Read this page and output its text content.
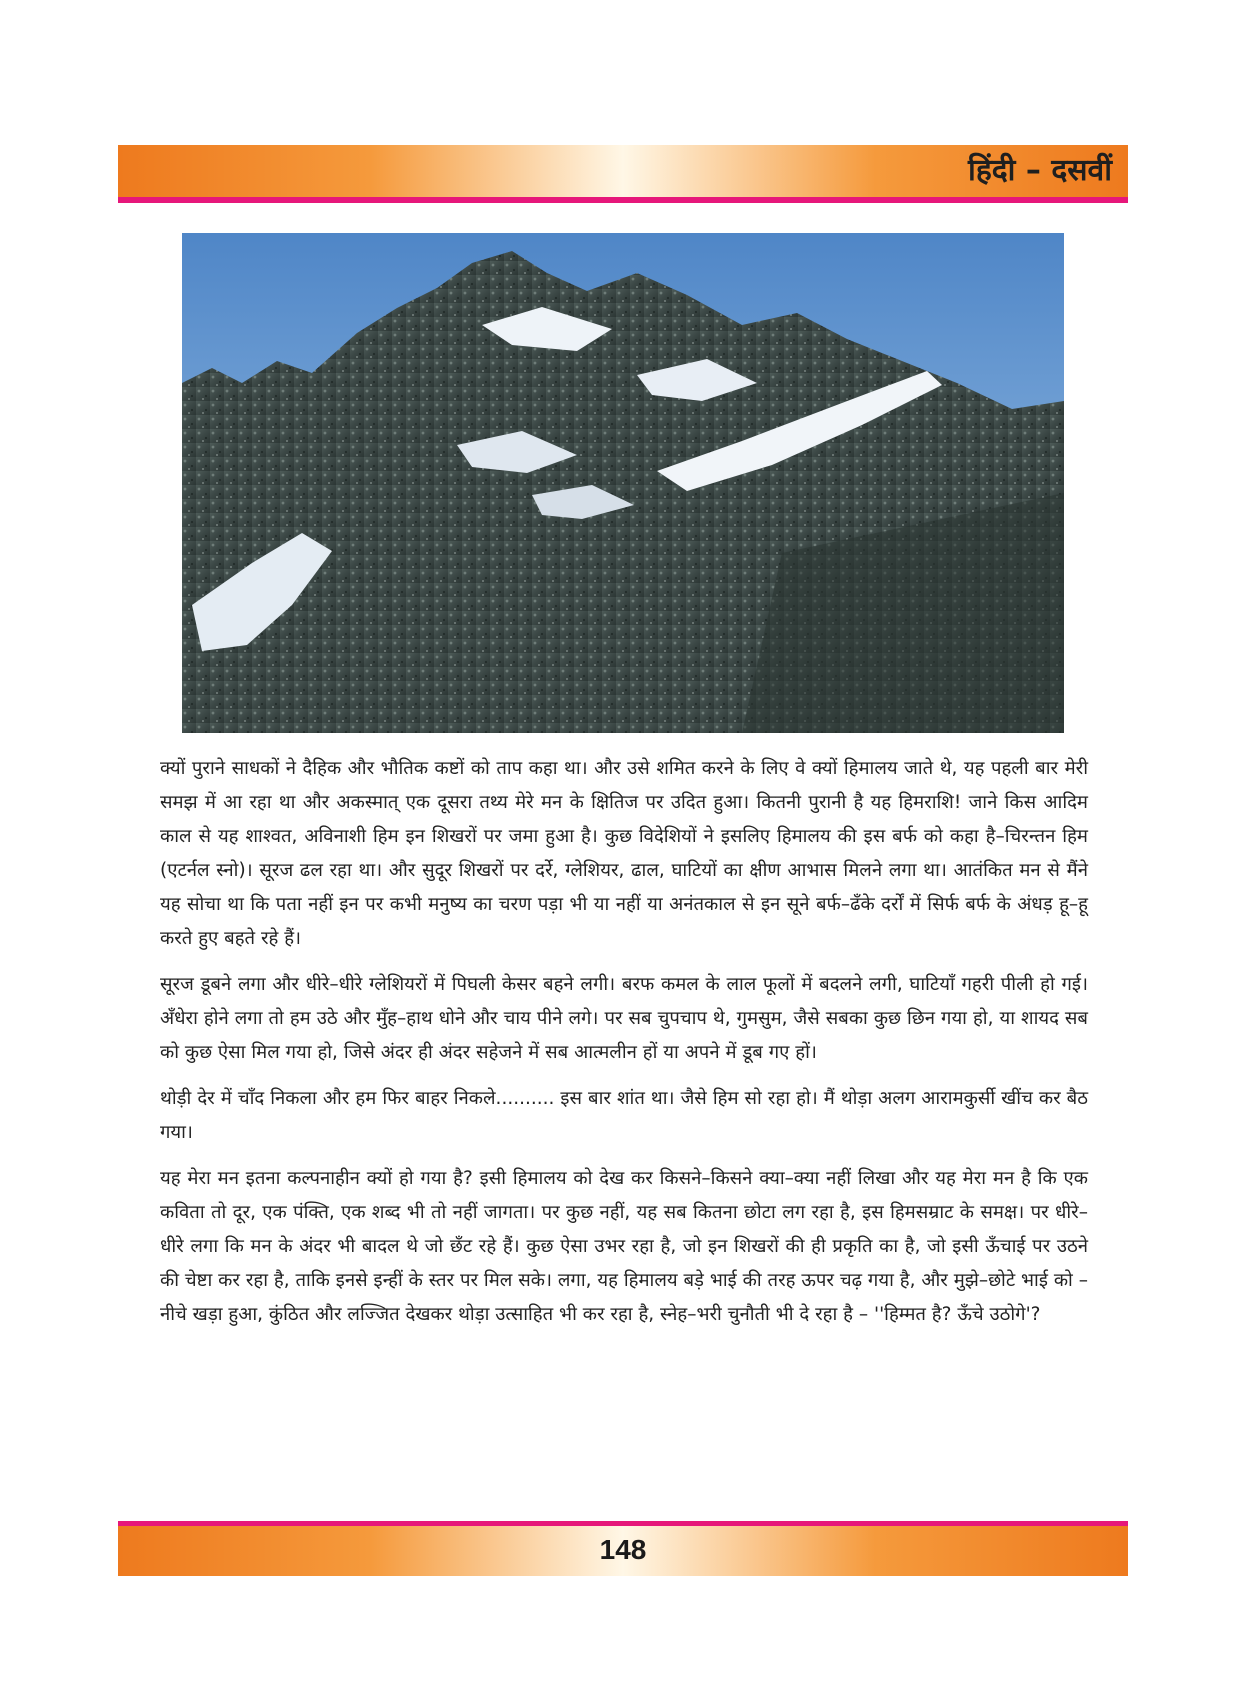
हिंदी – दसवीं

क्यों पुराने साधकों ने दैहिक और भौतिक कष्टों को ताप कहा था। और उसे शमित करने के लिए वे क्यों हिमालय जाते थे, यह पहली बार मेरी समझ में आ रहा था और अकस्मात् एक दूसरा तथ्य मेरे मन के क्षितिज पर उदित हुआ। कितनी पुरानी है यह हिमराशि! जाने किस आदिम काल से यह शाश्वत, अविनाशी हिम इन शिखरों पर जमा हुआ है। कुछ विदेशियों ने इसलिए हिमालय की इस बर्फ को कहा है–चिरन्तन हिम (एटर्नल स्नो)। सूरज ढल रहा था। और सुदूर शिखरों पर दर्रे, ग्लेशियर, ढाल, घाटियों का क्षीण आभास मिलने लगा था। आतंकित मन से मैंने यह सोचा था कि पता नहीं इन पर कभी मनुष्य का चरण पड़ा भी या नहीं या अनंतकाल से इन सूने बर्फ–ढँके दर्रों में सिर्फ बर्फ के अंधड़ हू–हू करते हुए बहते रहे हैं।

सूरज डूबने लगा और धीरे–धीरे ग्लेशियरों में पिघली केसर बहने लगी। बरफ कमल के लाल फूलों में बदलने लगी, घाटियाँ गहरी पीली हो गई। अँधेरा होने लगा तो हम उठे और मुँह–हाथ धोने और चाय पीने लगे। पर सब चुपचाप थे, गुमसुम, जैसे सबका कुछ छिन गया हो, या शायद सब को कुछ ऐसा मिल गया हो, जिसे अंदर ही अंदर सहेजने में सब आत्मलीन हों या अपने में डूब गए हों।

थोड़ी देर में चाँद निकला और हम फिर बाहर निकले.......... इस बार शांत था। जैसे हिम सो रहा हो। मैं थोड़ा अलग आरामकुर्सी खींच कर बैठ गया।

यह मेरा मन इतना कल्पनाहीन क्यों हो गया है? इसी हिमालय को देख कर किसने–किसने क्या–क्या नहीं लिखा और यह मेरा मन है कि एक कविता तो दूर, एक पंक्ति, एक शब्द भी तो नहीं जागता। पर कुछ नहीं, यह सब कितना छोटा लग रहा है, इस हिमसम्राट के समक्ष। पर धीरे–धीरे लगा कि मन के अंदर भी बादल थे जो छँट रहे हैं। कुछ ऐसा उभर रहा है, जो इन शिखरों की ही प्रकृति का है, जो इसी ऊँचाई पर उठने की चेष्टा कर रहा है, ताकि इनसे इन्हीं के स्तर पर मिल सके। लगा, यह हिमालय बड़े भाई की तरह ऊपर चढ़ गया है, और मुझे–छोटे भाई को – नीचे खड़ा हुआ, कुंठित और लज्जित देखकर थोड़ा उत्साहित भी कर रहा है, स्नेह–भरी चुनौती भी दे रहा है – ''हिम्मत है? ऊँचे उठोगे'?

148
